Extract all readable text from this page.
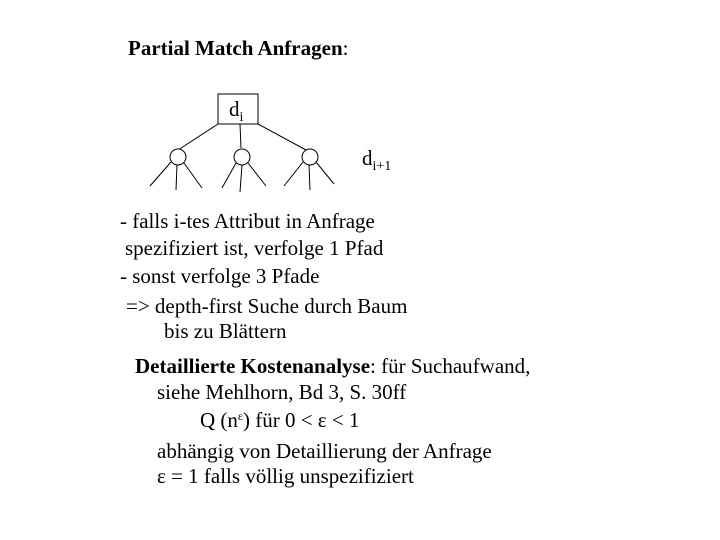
Partial Match Anfragen:
$d_i$
$d_{i+1}$
- falls i-tes Attribut in Anfrage
spezifiziert ist, verfolge 1 Pfad
- sonst verfolge 3 Pfade
=> depth-first Suche durch Baum
bis zu Blättern
Detaillierte Kostenanalyse: für Suchaufwand,
siehe Mehlhorn, Bd 3, S. 30ff
Q $(n^\varepsilon)$ für 0 < ε < 1
abhängig von Detaillierung der Anfrage
ε = 1 falls völlig unspezifiziert
